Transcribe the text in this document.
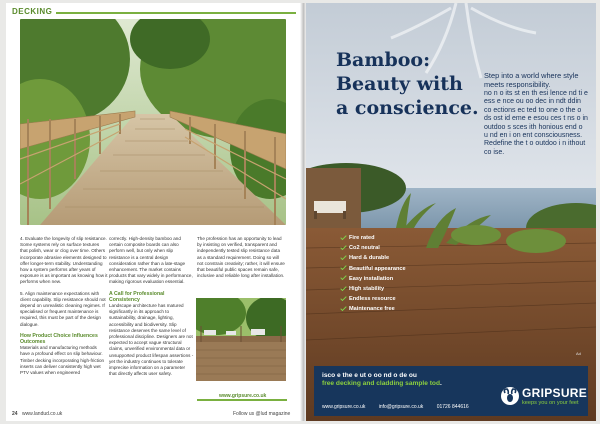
DECKING

4. Evaluate the longevity of slip resistance. Some systems rely on surface textures that polish, wear or clog over time. Others incorporate abrasive elements designed to offer longer-term stability. Understanding how a system performs after years of exposure is as important as knowing how it performs when new.

5. Align maintenance expectations with client capability. Slip resistance should not depend on unrealistic cleaning regimes. If specialised or frequent maintenance is required, this must be part of the design dialogue.

How Product Choice Influences Outcomes

Materials and manufacturing methods have a profound effect on slip behaviour. Timber decking incorporating high-friction inserts can deliver consistently high wet PTV values when engineered

correctly. High-density bamboo and certain composite boards can also perform well, but only when slip resistance is a central design consideration rather than a late-stage enhancement. The market contains products that vary widely in performance, making rigorous evaluation essential.

A Call for Professional Consistency

Landscape architecture has matured significantly in its approach to sustainability, drainage, lighting, accessibility and biodiversity. Slip resistance deserves the same level of professional discipline. Designers are not expected to accept vague structural claims, unverified environmental data or unsupported product lifespan assertions - yet the industry continues to tolerate imprecise information on a parameter that directly affects user safety.

The profession has an opportunity to lead by insisting on verified, transparent and independently tested slip resistance data as a standard requirement. Doing so will not constrain creativity; rather, it will ensure that beautiful public spaces remain safe, inclusive and reliable long after installation.

www.gripsure.co.uk
24 www.landud.co.uk	Follow us @lud magazine
Bamboo:
Beauty with
a conscience.
Step into a world where style meets responsibility.
no n o its st en th esi lence nd ti e ess e nce ou oo dec in ndt ddin co ections ec ted to one o the o ds ost id eme e esou ces t ns o in outdoo s sces ith honious end o u nd en i on ent consciousness. Redefine the t o outdoo i n ithout co ise.
Fire rated
Co2 neutral
Hard & durable
Beautiful appearance
Easy installation
High stability
Endless resource
Maintenance free
Ad
isco e the e ut o oo nd o de ou
free decking and cladding sample tod.
www.gripsure.co.uk	info@gripsure.co.uk	01726 844616
GRIPSURE
keeps you on your feet
